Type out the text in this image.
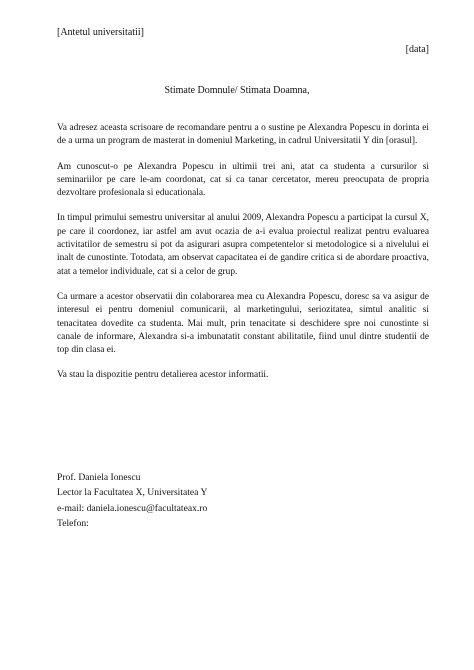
[Antetul universitatii]
[data]
Stimate Domnule/ Stimata Doamna,

Va adresez aceasta scrisoare de recomandare pentru a o sustine pe Alexandra Popescu in dorinta ei de a urma un program de masterat in domeniul Marketing, in cadrul Universitatii Y din [orasul].

Am cunoscut-o pe Alexandra Popescu in ultimii trei ani, atat ca studenta a cursurilor si seminariilor pe care le-am coordonat, cat si ca tanar cercetator, mereu preocupata de propria dezvoltare profesionala si educationala.

In timpul primului semestru universitar al anului 2009, Alexandra Popescu a participat la cursul X, pe care il coordonez, iar astfel am avut ocazia de a-i evalua proiectul realizat pentru evaluarea activitatilor de semestru si pot da asigurari asupra competentelor si metodologice si a nivelului ei inalt de cunostinte. Totodata, am observat capacitatea ei de gandire critica si de abordare proactiva, atat a temelor individuale, cat si a celor de grup.

Ca urmare a acestor observatii din colaborarea mea cu Alexandra Popescu, doresc sa va asigur de interesul ei pentru domeniul comunicarii, al marketingului, seriozitatea, simtul analitic si tenacitatea dovedite ca studenta. Mai mult, prin tenacitate si deschidere spre noi cunostinte si canale de informare, Alexandra si-a imbunatatit constant abilitatile, fiind unul dintre studentii de top din clasa ei.

Va stau la dispozitie pentru detalierea acestor informatii.

Prof. Daniela Ionescu
Lector la Facultatea X, Universitatea Y
e-mail: daniela.ionescu@facultateax.ro
Telefon:
